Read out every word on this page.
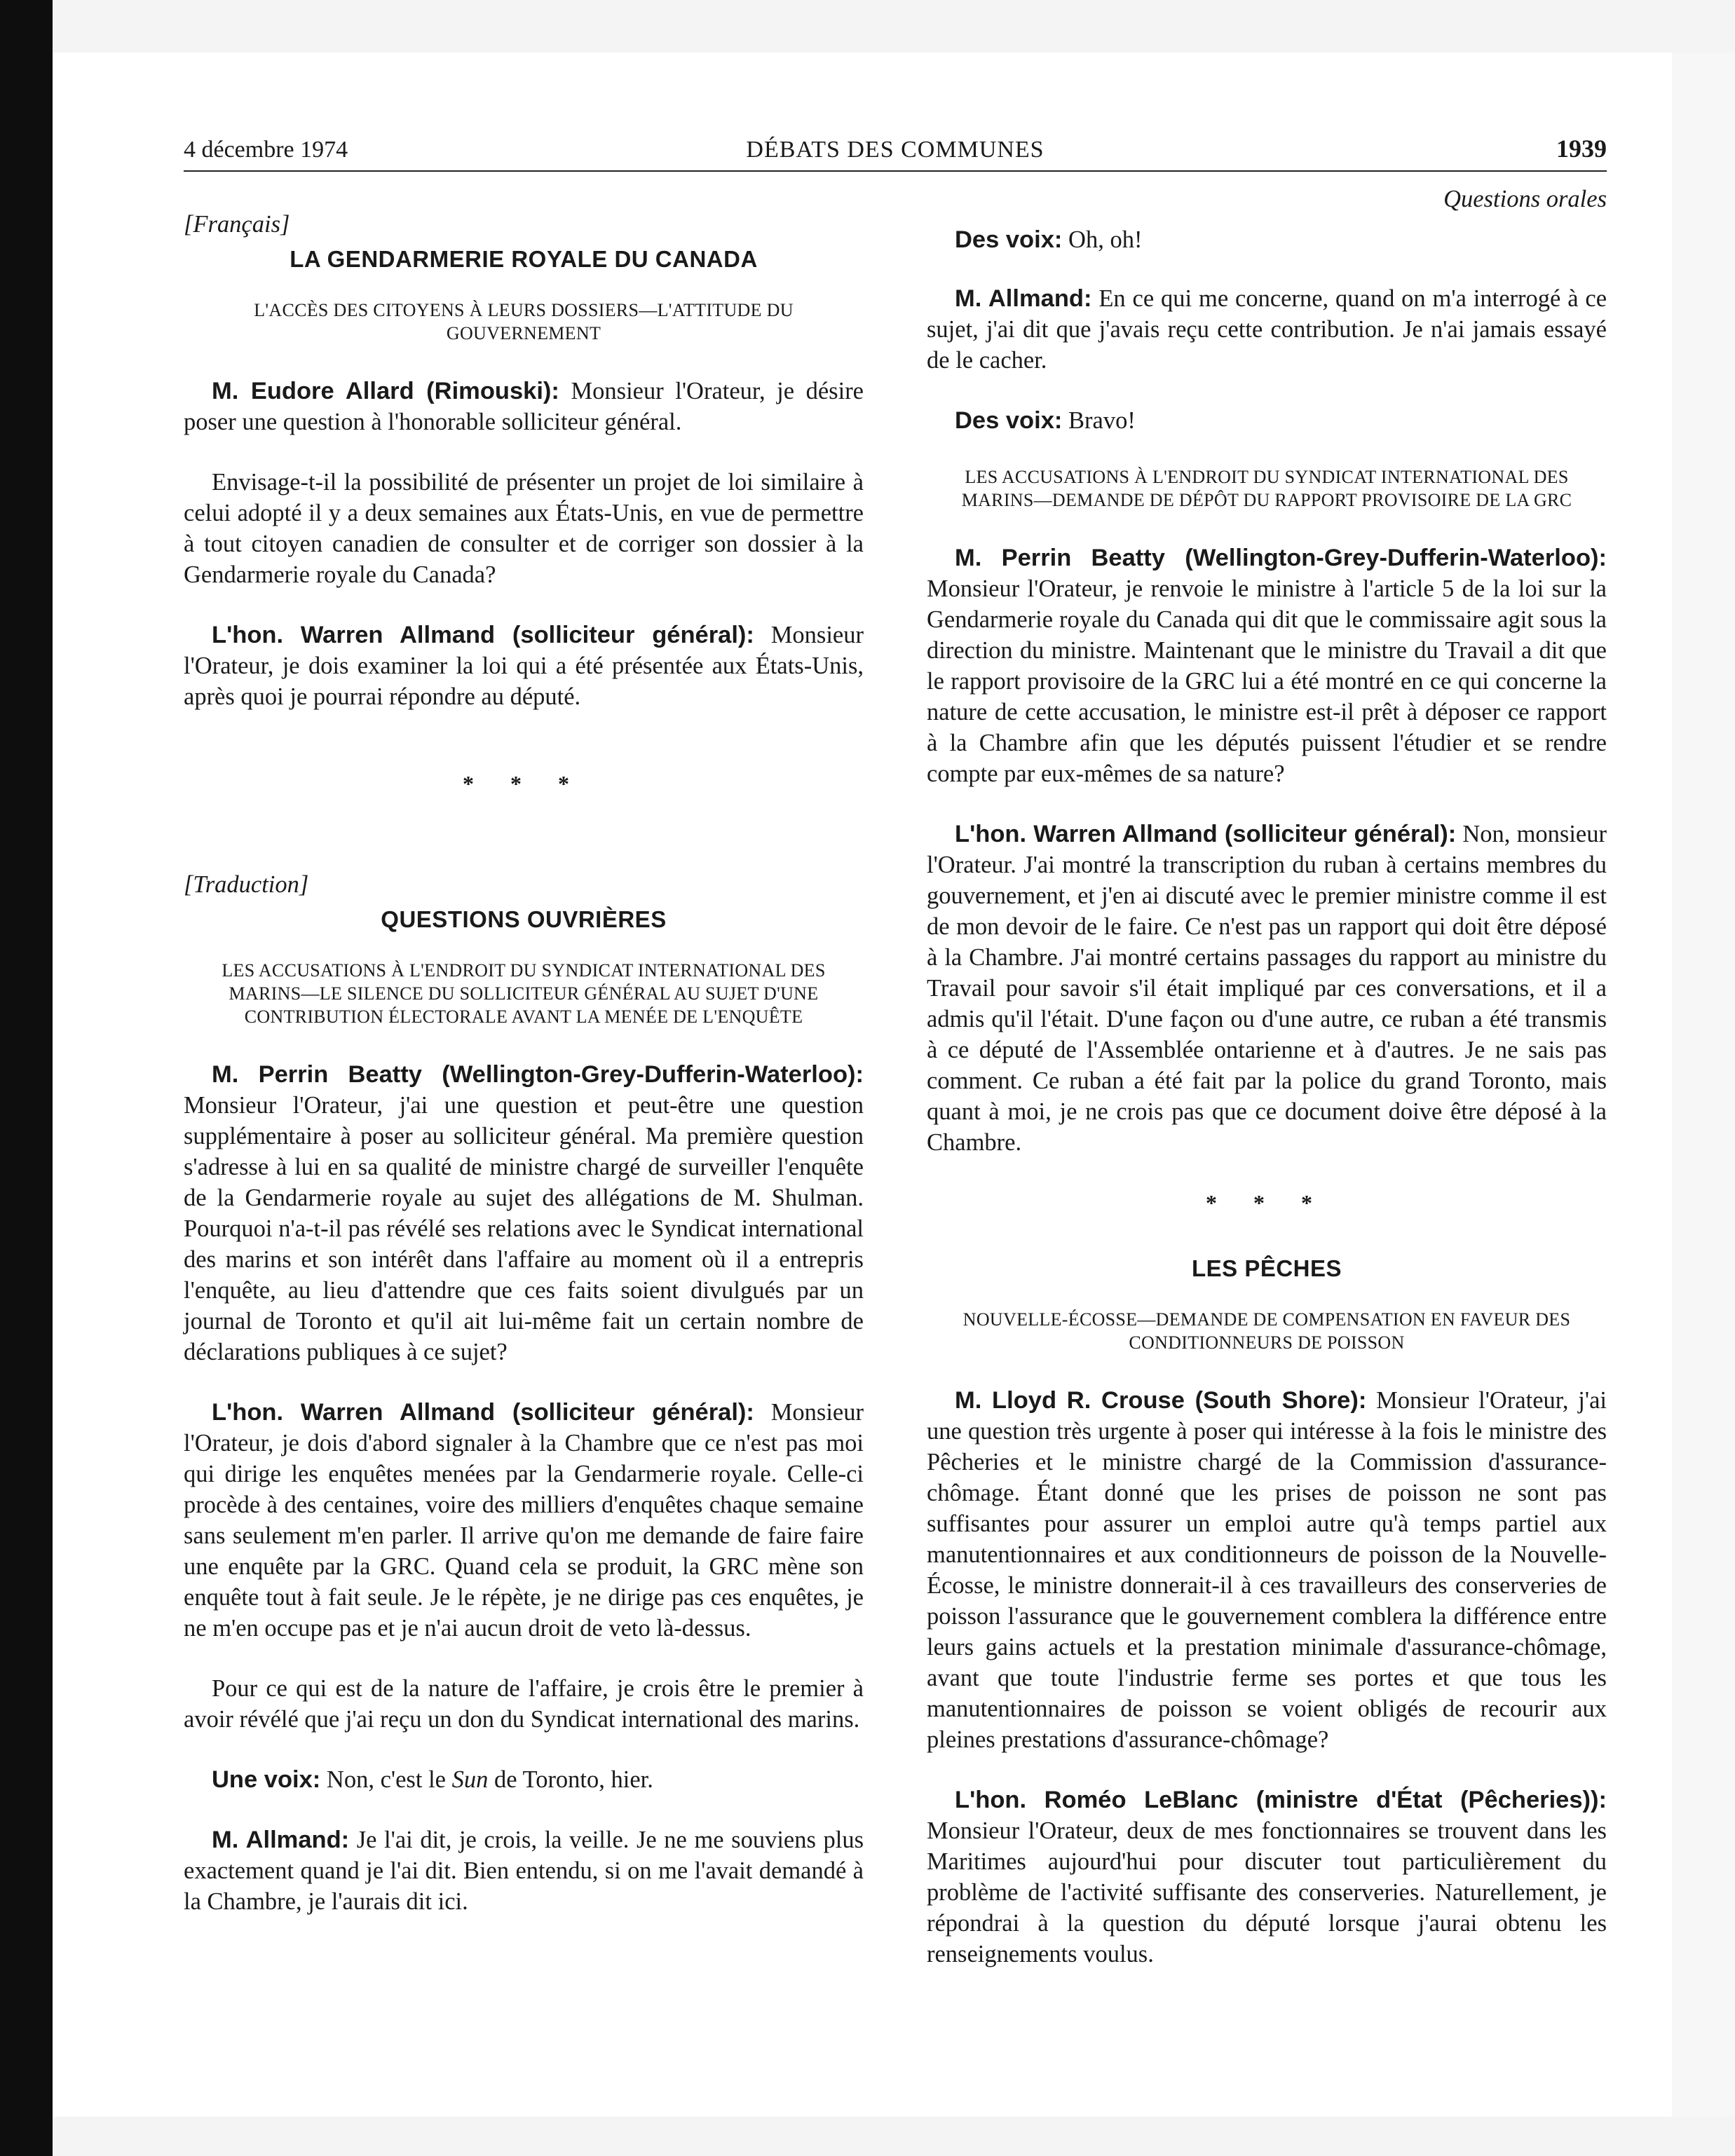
4 décembre 1974	DÉBATS DES COMMUNES	1939
[Français]
LA GENDARMERIE ROYALE DU CANADA
L'ACCÈS DES CITOYENS À LEURS DOSSIERS—L'ATTITUDE DU GOUVERNEMENT

M. Eudore Allard (Rimouski): Monsieur l'Orateur, je désire poser une question à l'honorable solliciteur général.

Envisage-t-il la possibilité de présenter un projet de loi similaire à celui adopté il y a deux semaines aux États-Unis, en vue de permettre à tout citoyen canadien de consulter et de corriger son dossier à la Gendarmerie royale du Canada?

L'hon. Warren Allmand (solliciteur général): Monsieur l'Orateur, je dois examiner la loi qui a été présentée aux États-Unis, après quoi je pourrai répondre au député.

* * *
[Traduction]
QUESTIONS OUVRIÈRES
LES ACCUSATIONS À L'ENDROIT DU SYNDICAT INTERNATIONAL DES MARINS—LE SILENCE DU SOLLICITEUR GÉNÉRAL AU SUJET D'UNE CONTRIBUTION ÉLECTORALE AVANT LA MENÉE DE L'ENQUÊTE

M. Perrin Beatty (Wellington-Grey-Dufferin-Waterloo): Monsieur l'Orateur, j'ai une question et peut-être une question supplémentaire à poser au solliciteur général. Ma première question s'adresse à lui en sa qualité de ministre chargé de surveiller l'enquête de la Gendarmerie royale au sujet des allégations de M. Shulman. Pourquoi n'a-t-il pas révélé ses relations avec le Syndicat international des marins et son intérêt dans l'affaire au moment où il a entrepris l'enquête, au lieu d'attendre que ces faits soient divulgués par un journal de Toronto et qu'il ait lui-même fait un certain nombre de déclarations publiques à ce sujet?

L'hon. Warren Allmand (solliciteur général): Monsieur l'Orateur, je dois d'abord signaler à la Chambre que ce n'est pas moi qui dirige les enquêtes menées par la Gendarmerie royale. Celle-ci procède à des centaines, voire des milliers d'enquêtes chaque semaine sans seulement m'en parler. Il arrive qu'on me demande de faire faire une enquête par la GRC. Quand cela se produit, la GRC mène son enquête tout à fait seule. Je le répète, je ne dirige pas ces enquêtes, je ne m'en occupe pas et je n'ai aucun droit de veto là-dessus.

Pour ce qui est de la nature de l'affaire, je crois être le premier à avoir révélé que j'ai reçu un don du Syndicat international des marins.

Une voix: Non, c'est le Sun de Toronto, hier.

M. Allmand: Je l'ai dit, je crois, la veille. Je ne me souviens plus exactement quand je l'ai dit. Bien entendu, si on me l'avait demandé à la Chambre, je l'aurais dit ici.

Questions orales

Des voix: Oh, oh!

M. Allmand: En ce qui me concerne, quand on m'a interrogé à ce sujet, j'ai dit que j'avais reçu cette contribution. Je n'ai jamais essayé de le cacher.

Des voix: Bravo!

LES ACCUSATIONS À L'ENDROIT DU SYNDICAT INTERNATIONAL DES MARINS—DEMANDE DE DÉPÔT DU RAPPORT PROVISOIRE DE LA GRC

M. Perrin Beatty (Wellington-Grey-Dufferin-Waterloo): Monsieur l'Orateur, je renvoie le ministre à l'article 5 de la loi sur la Gendarmerie royale du Canada qui dit que le commissaire agit sous la direction du ministre. Maintenant que le ministre du Travail a dit que le rapport provisoire de la GRC lui a été montré en ce qui concerne la nature de cette accusation, le ministre est-il prêt à déposer ce rapport à la Chambre afin que les députés puissent l'étudier et se rendre compte par eux-mêmes de sa nature?

L'hon. Warren Allmand (solliciteur général): Non, monsieur l'Orateur. J'ai montré la transcription du ruban à certains membres du gouvernement, et j'en ai discuté avec le premier ministre comme il est de mon devoir de le faire. Ce n'est pas un rapport qui doit être déposé à la Chambre. J'ai montré certains passages du rapport au ministre du Travail pour savoir s'il était impliqué par ces conversations, et il a admis qu'il l'était. D'une façon ou d'une autre, ce ruban a été transmis à ce député de l'Assemblée ontarienne et à d'autres. Je ne sais pas comment. Ce ruban a été fait par la police du grand Toronto, mais quant à moi, je ne crois pas que ce document doive être déposé à la Chambre.

* * *
LES PÊCHES
NOUVELLE-ÉCOSSE—DEMANDE DE COMPENSATION EN FAVEUR DES CONDITIONNEURS DE POISSON

M. Lloyd R. Crouse (South Shore): Monsieur l'Orateur, j'ai une question très urgente à poser qui intéresse à la fois le ministre des Pêcheries et le ministre chargé de la Commission d'assurance-chômage. Étant donné que les prises de poisson ne sont pas suffisantes pour assurer un emploi autre qu'à temps partiel aux manutentionnaires et aux conditionneurs de poisson de la Nouvelle-Écosse, le ministre donnerait-il à ces travailleurs des conserveries de poisson l'assurance que le gouvernement comblera la différence entre leurs gains actuels et la prestation minimale d'assurance-chômage, avant que toute l'industrie ferme ses portes et que tous les manutentionnaires de poisson se voient obligés de recourir aux pleines prestations d'assurance-chômage?

L'hon. Roméo LeBlanc (ministre d'État (Pêcheries)): Monsieur l'Orateur, deux de mes fonctionnaires se trouvent dans les Maritimes aujourd'hui pour discuter tout particulièrement du problème de l'activité suffisante des conserveries. Naturellement, je répondrai à la question du député lorsque j'aurai obtenu les renseignements voulus.
